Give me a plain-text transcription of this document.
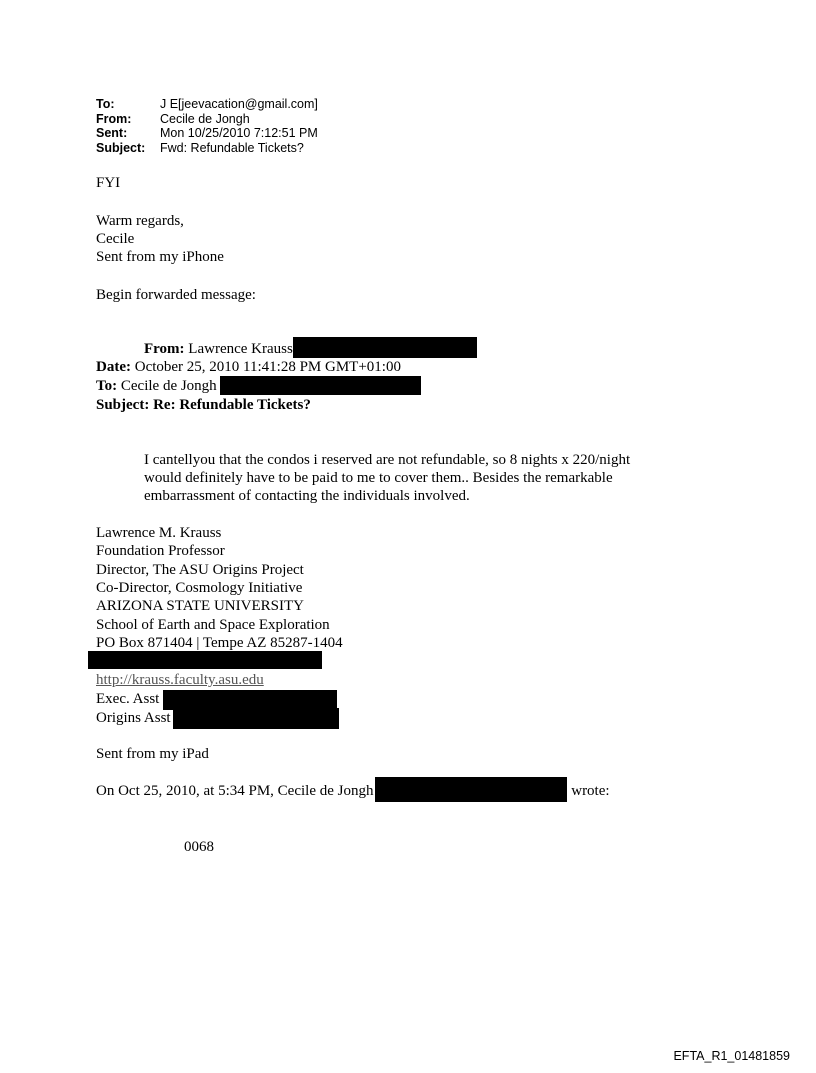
To:	J E[jeevacation@gmail.com]
From:	Cecile de Jongh
Sent:	Mon 10/25/2010 7:12:51 PM
Subject:	Fwd: Refundable Tickets?
FYI
Warm regards,
Cecile
Sent from my iPhone
Begin forwarded message:
From: Lawrence Krauss
Date: October 25, 2010 11:41:28 PM GMT+01:00
To: Cecile de Jongh
Subject: Re: Refundable Tickets?
I cantellyou that the condos i reserved are not refundable, so 8 nights x 220/night
would definitely have to be paid to me to cover them.. Besides the remarkable
embarrassment of contacting the individuals involved.
Lawrence M. Krauss
Foundation Professor
Director, The ASU Origins Project
Co-Director, Cosmology Initiative
ARIZONA STATE UNIVERSITY
School of Earth and Space Exploration
PO Box 871404 | Tempe AZ 85287-1404
http://krauss.faculty.asu.edu
Exec. Asst
Origins Asst
Sent from my iPad
On Oct 25, 2010, at 5:34 PM, Cecile de Jongh	wrote:
0068
EFTA_R1_01481859
